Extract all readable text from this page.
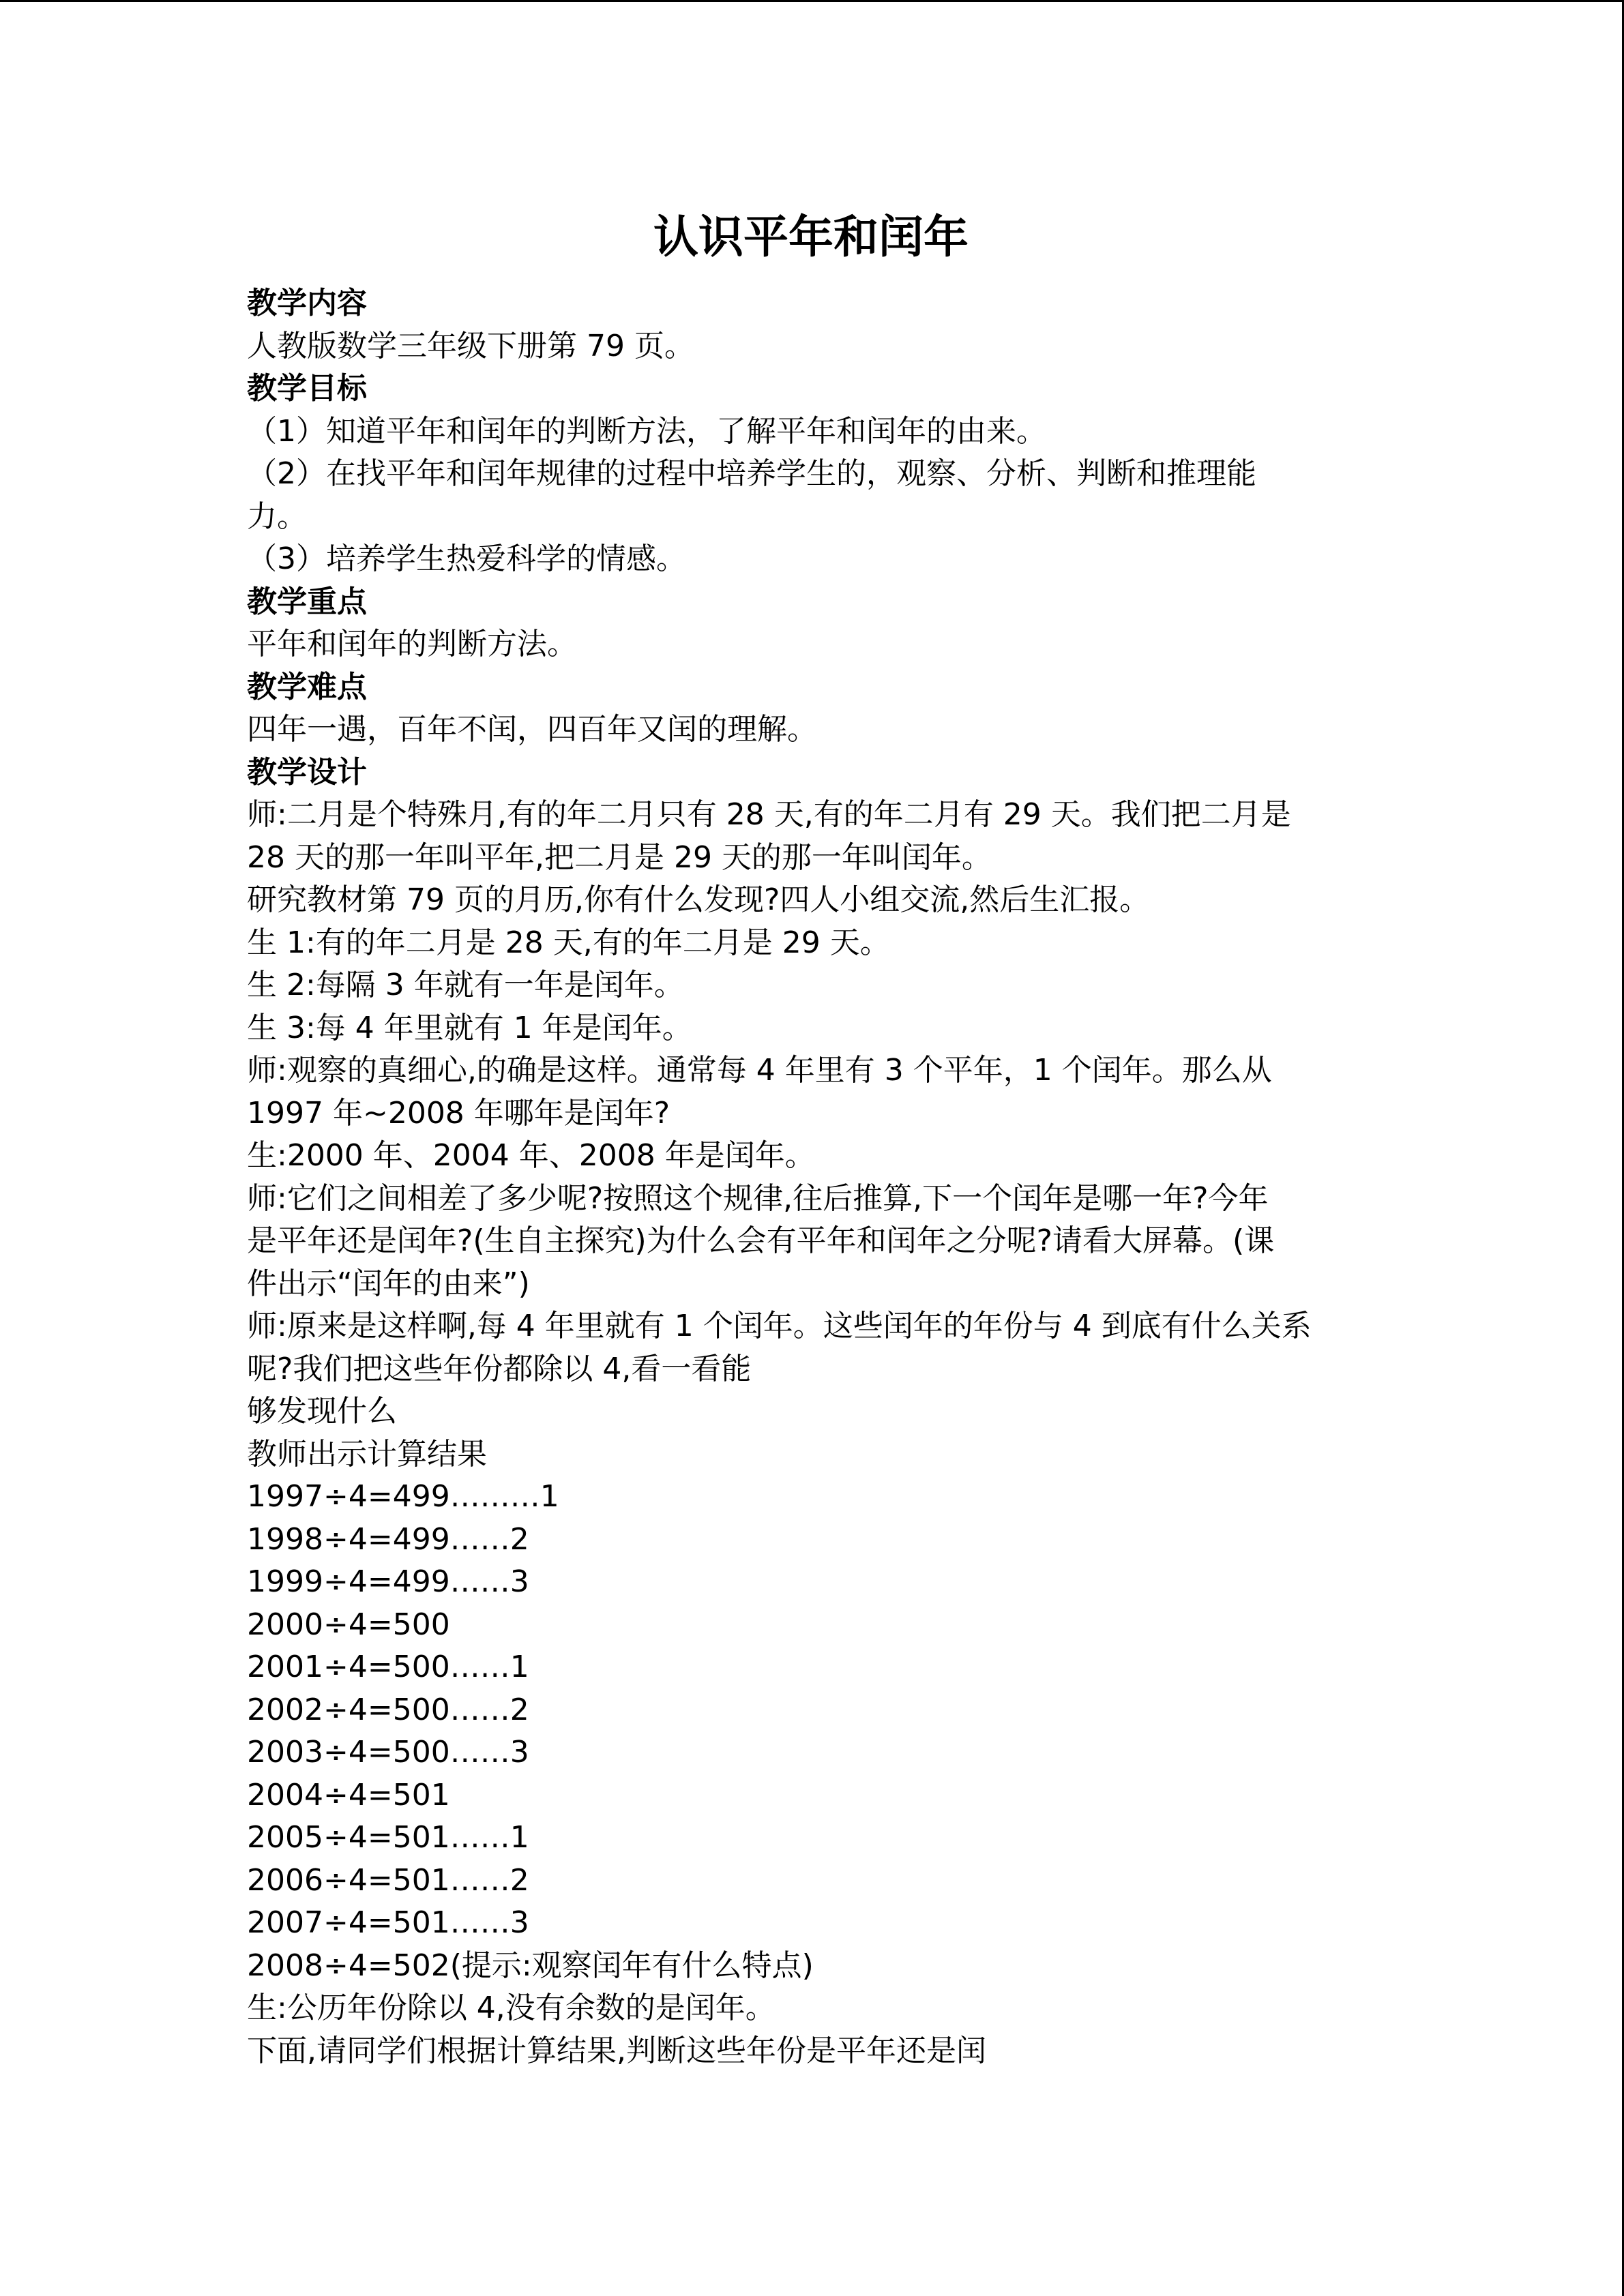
认识平年和闰年

教学内容

人教版数学三年级下册第 79 页。

教学目标

（1）知道平年和闰年的判断方法，了解平年和闰年的由来。

（2）在找平年和闰年规律的过程中培养学生的，观察、分析、判断和推理能

力。

（3）培养学生热爱科学的情感。

教学重点

平年和闰年的判断方法。

教学难点

四年一遇，百年不闰，四百年又闰的理解。

教学设计

师:二月是个特殊月,有的年二月只有 28 天,有的年二月有 29 天。我们把二月是

28 天的那一年叫平年,把二月是 29 天的那一年叫闰年。

研究教材第 79 页的月历,你有什么发现?四人小组交流,然后生汇报。

生 1:有的年二月是 28 天,有的年二月是 29 天。

生 2:每隔 3 年就有一年是闰年。

生 3:每 4 年里就有 1 年是闰年。

师:观察的真细心,的确是这样。通常每 4 年里有 3 个平年，1 个闰年。那么从

1997 年~2008 年哪年是闰年?

生:2000 年、2004 年、2008 年是闰年。

师:它们之间相差了多少呢?按照这个规律,往后推算,下一个闰年是哪一年?今年

是平年还是闰年?(生自主探究)为什么会有平年和闰年之分呢?请看大屏幕。(课

件出示“闰年的由来”)

师:原来是这样啊,每 4 年里就有 1 个闰年。这些闰年的年份与 4 到底有什么关系

呢?我们把这些年份都除以 4,看一看能

够发现什么

教师出示计算结果

1997÷4=499………1

1998÷4=499……2

1999÷4=499……3

2000÷4=500

2001÷4=500……1

2002÷4=500……2

2003÷4=500……3

2004÷4=501

2005÷4=501……1

2006÷4=501……2

2007÷4=501……3

2008÷4=502(提示:观察闰年有什么特点)

生:公历年份除以 4,没有余数的是闰年。

下面,请同学们根据计算结果,判断这些年份是平年还是闰
